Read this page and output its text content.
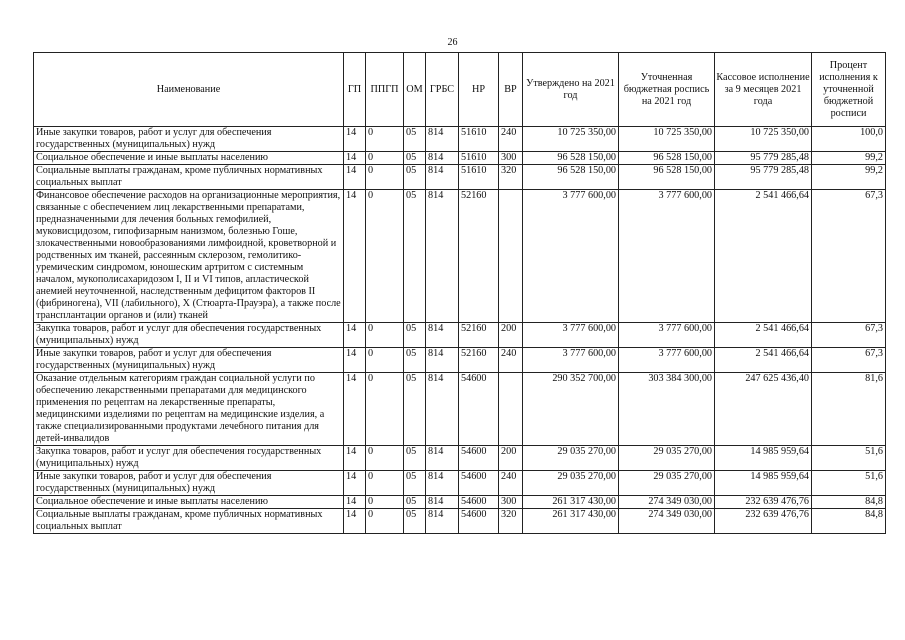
26
Наименование	ГП	ППГП	ОМ	ГРБС	НР	ВР	Утверждено на 2021 год	Уточненная бюджетная роспись на 2021 год	Кассовое исполнение за 9 месяцев 2021 года	Процент исполнения к уточненной бюджетной росписи
Иные закупки товаров, работ и услуг для обеспечения государственных (муниципальных) нужд	14	0	05	814	51610	240	10 725 350,00	10 725 350,00	10 725 350,00	100,0
Социальное обеспечение и иные выплаты населению	14	0	05	814	51610	300	96 528 150,00	96 528 150,00	95 779 285,48	99,2
Социальные выплаты гражданам, кроме публичных нормативных социальных выплат	14	0	05	814	51610	320	96 528 150,00	96 528 150,00	95 779 285,48	99,2
Финансовое обеспечение расходов на организационные мероприятия, связанные с обеспечением лиц лекарственными препаратами, предназначенными для лечения больных гемофилией, муковисцидозом, гипофизарным нанизмом, болезнью Гоше, злокачественными новообразованиями лимфоидной, кроветворной и родственных им тканей, рассеянным склерозом, гемолитико-уремическим синдромом, юношеским артритом с системным началом, мукополисахаридозом I, II и VI типов, апластической анемией неуточненной, наследственным дефицитом факторов II (фибриногена), VII (лабильного), X (Стюарта-Прауэра), а также после трансплантации органов и (или) тканей	14	0	05	814	52160		3 777 600,00	3 777 600,00	2 541 466,64	67,3
Закупка товаров, работ и услуг для обеспечения государственных (муниципальных) нужд	14	0	05	814	52160	200	3 777 600,00	3 777 600,00	2 541 466,64	67,3
Иные закупки товаров, работ и услуг для обеспечения государственных (муниципальных) нужд	14	0	05	814	52160	240	3 777 600,00	3 777 600,00	2 541 466,64	67,3
Оказание отдельным категориям граждан социальной услуги по обеспечению лекарственными препаратами для медицинского применения по рецептам на лекарственные препараты, медицинскими изделиями по рецептам на медицинские изделия, а также специализированными продуктами лечебного питания для детей-инвалидов	14	0	05	814	54600		290 352 700,00	303 384 300,00	247 625 436,40	81,6
Закупка товаров, работ и услуг для обеспечения государственных (муниципальных) нужд	14	0	05	814	54600	200	29 035 270,00	29 035 270,00	14 985 959,64	51,6
Иные закупки товаров, работ и услуг для обеспечения государственных (муниципальных) нужд	14	0	05	814	54600	240	29 035 270,00	29 035 270,00	14 985 959,64	51,6
Социальное обеспечение и иные выплаты населению	14	0	05	814	54600	300	261 317 430,00	274 349 030,00	232 639 476,76	84,8
Социальные выплаты гражданам, кроме публичных нормативных социальных выплат	14	0	05	814	54600	320	261 317 430,00	274 349 030,00	232 639 476,76	84,8
